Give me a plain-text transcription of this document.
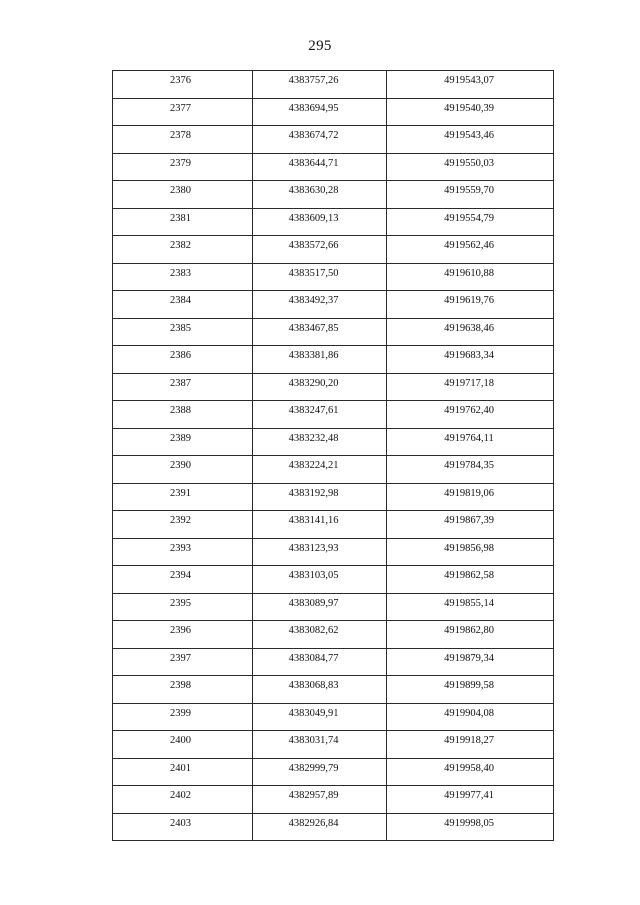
295
2376	4383757,26	4919543,07
2377	4383694,95	4919540,39
2378	4383674,72	4919543,46
2379	4383644,71	4919550,03
2380	4383630,28	4919559,70
2381	4383609,13	4919554,79
2382	4383572,66	4919562,46
2383	4383517,50	4919610,88
2384	4383492,37	4919619,76
2385	4383467,85	4919638,46
2386	4383381,86	4919683,34
2387	4383290,20	4919717,18
2388	4383247,61	4919762,40
2389	4383232,48	4919764,11
2390	4383224,21	4919784,35
2391	4383192,98	4919819,06
2392	4383141,16	4919867,39
2393	4383123,93	4919856,98
2394	4383103,05	4919862,58
2395	4383089,97	4919855,14
2396	4383082,62	4919862,80
2397	4383084,77	4919879,34
2398	4383068,83	4919899,58
2399	4383049,91	4919904,08
2400	4383031,74	4919918,27
2401	4382999,79	4919958,40
2402	4382957,89	4919977,41
2403	4382926,84	4919998,05
